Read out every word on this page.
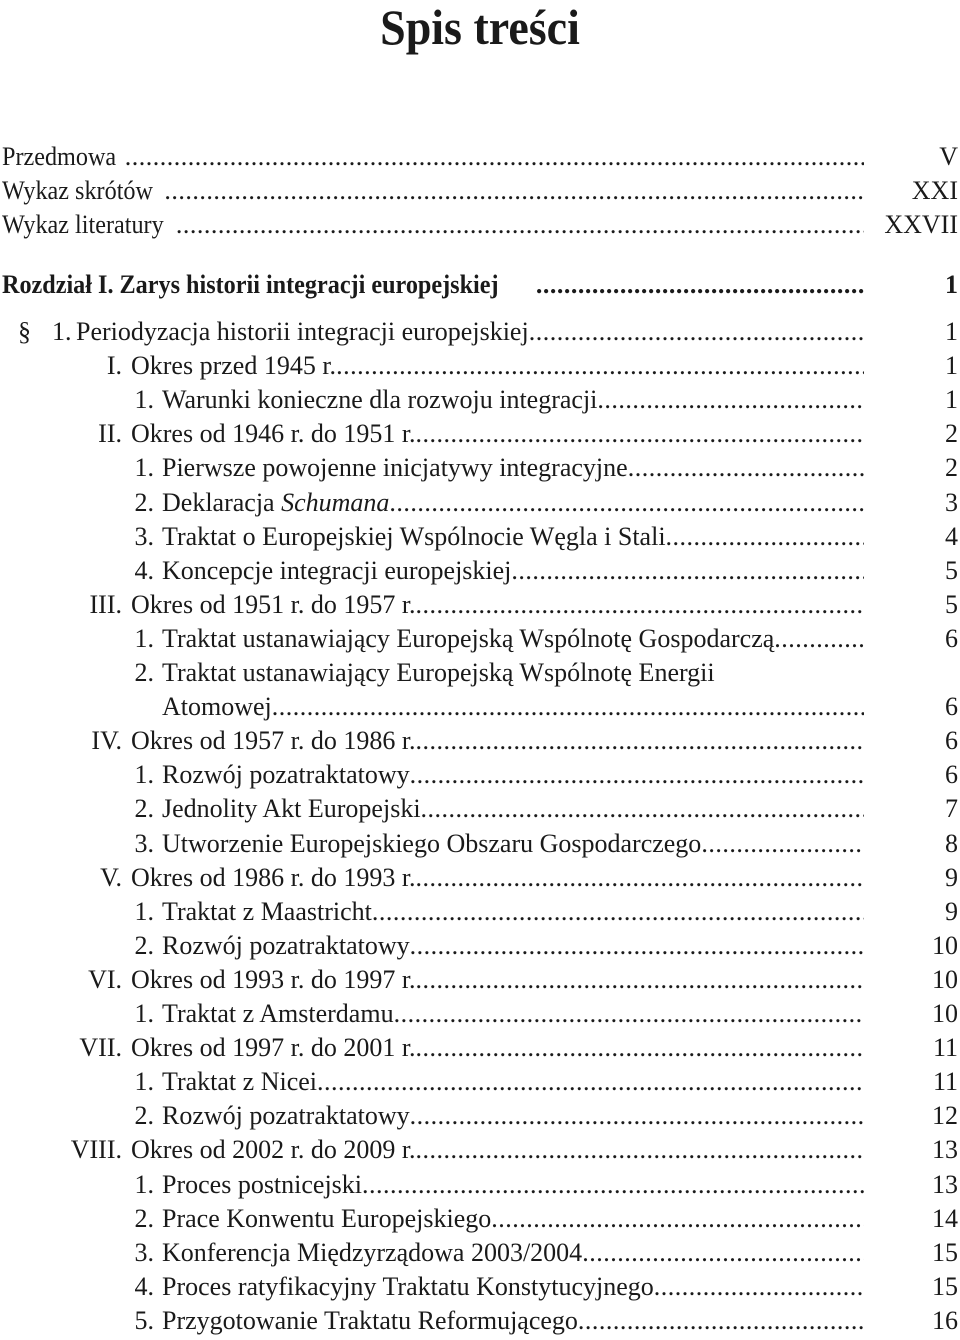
Spis treści
Przedmowa .....	V
Wykaz skrótów .....	XXI
Wykaz literatury .....	XXVII
Rozdział I. Zarys historii integracji europejskiej .....	1
§ 1. Periodyzacja historii integracji europejskiej .....	1
I. Okres przed 1945 r. .....	1
1. Warunki konieczne dla rozwoju integracji .....	1
II. Okres od 1946 r. do 1951 r. .....	2
1. Pierwsze powojenne inicjatywy integracyjne .....	2
2. Deklaracja Schumana .....	3
3. Traktat o Europejskiej Wspólnocie Węgla i Stali .....	4
4. Koncepcje integracji europejskiej .....	5
III. Okres od 1951 r. do 1957 r. .....	5
1. Traktat ustanawiający Europejską Wspólnotę Gospodarczą .....	6
2. Traktat ustanawiający Europejską Wspólnotę Energii
Atomowej .....	6
IV. Okres od 1957 r. do 1986 r. .....	6
1. Rozwój pozatraktatowy .....	6
2. Jednolity Akt Europejski .....	7
3. Utworzenie Europejskiego Obszaru Gospodarczego .....	8
V. Okres od 1986 r. do 1993 r. .....	9
1. Traktat z Maastricht .....	9
2. Rozwój pozatraktatowy .....	10
VI. Okres od 1993 r. do 1997 r. .....	10
1. Traktat z Amsterdamu .....	10
VII. Okres od 1997 r. do 2001 r. .....	11
1. Traktat z Nicei .....	11
2. Rozwój pozatraktatowy .....	12
VIII. Okres od 2002 r. do 2009 r. .....	13
1. Proces postnicejski .....	13
2. Prace Konwentu Europejskiego .....	14
3. Konferencja Międzyrządowa 2003/2004 .....	15
4. Proces ratyfikacyjny Traktatu Konstytucyjnego .....	15
5. Przygotowanie Traktatu Reformującego .....	16
